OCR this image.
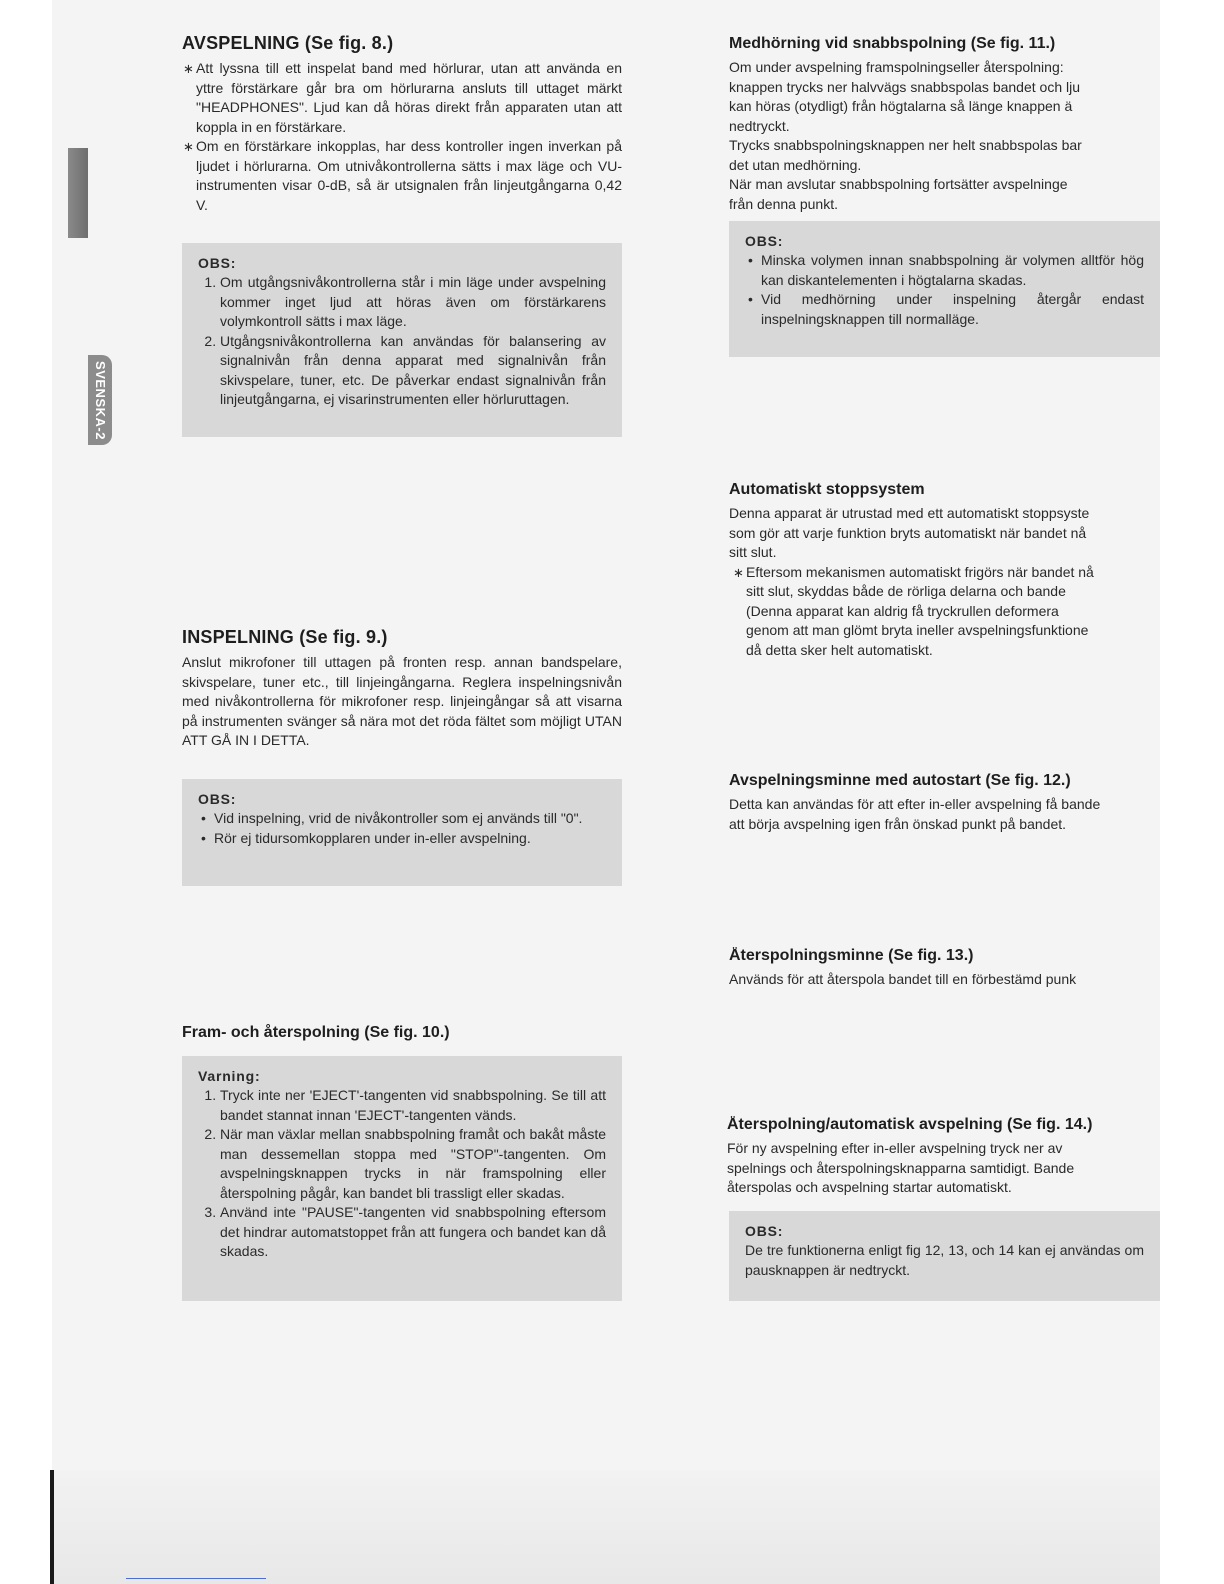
SVENSKA-2
AVSPELNING (Se fig. 8.)
∗ Att lyssna till ett inspelat band med hörlurar, utan att använda en yttre förstärkare går bra om hörlurarna ansluts till uttaget märkt "HEADPHONES". Ljud kan då höras direkt från apparaten utan att koppla in en förstärkare.
∗ Om en förstärkare inkopplas, har dess kontroller ingen inverkan på ljudet i hörlurarna. Om utnivåkontrollerna sätts i max läge och VU-instrumenten visar 0-dB, så är utsignalen från linjeutgångarna 0,42 V.
OBS:
1. Om utgångsnivåkontrollerna står i min läge under avspelning kommer inget ljud att höras även om förstärkarens volymkontroll sätts i max läge.
2. Utgångsnivåkontrollerna kan användas för balansering av signalnivån från denna apparat med signalnivån från skivspelare, tuner, etc. De påverkar endast signalnivån från linjeutgångarna, ej visarinstrumenten eller hörluruttagen.
INSPELNING (Se fig. 9.)

Anslut mikrofoner till uttagen på fronten resp. annan bandspelare, skivspelare, tuner etc., till linjeingångarna. Reglera inspelningsnivån med nivåkontrollerna för mikrofoner resp. linjeingångar så att visarna på instrumenten svänger så nära mot det röda fältet som möjligt UTAN ATT GÅ IN I DETTA.

OBS:
• Vid inspelning, vrid de nivåkontroller som ej används till "0".
• Rör ej tidursomkopplaren under in-eller avspelning.
Fram- och återspolning (Se fig. 10.)
Varning:
1. Tryck inte ner 'EJECT'-tangenten vid snabbspolning. Se till att bandet stannat innan 'EJECT'-tangenten vänds.
2. När man växlar mellan snabbspolning framåt och bakåt måste man dessemellan stoppa med "STOP"-tangenten. Om avspelningsknappen trycks in när framspolning eller återspolning pågår, kan bandet bli trassligt eller skadas.
3. Använd inte "PAUSE"-tangenten vid snabbspolning eftersom det hindrar automatstoppet från att fungera och bandet kan då skadas.
Medhörning vid snabbspolning (Se fig. 11.)

Om under avspelning framspolningseller återspolning:

knappen trycks ner halvvägs snabbspolas bandet och lju

kan höras (otydligt) från högtalarna så länge knappen ä

nedtryckt.

Trycks snabbspolningsknappen ner helt snabbspolas bar

det utan medhörning.

När man avslutar snabbspolning fortsätter avspelninge

från denna punkt.

OBS:
• Minska volymen innan snabbspolning är volymen alltför hög kan diskantelementen i högtalarna skadas.
• Vid medhörning under inspelning återgår endast inspelningsknappen till normalläge.
Automatiskt stoppsystem

Denna apparat är utrustad med ett automatiskt stoppsyste

som gör att varje funktion bryts automatiskt när bandet nå

sitt slut.

∗ Eftersom mekanismen automatiskt frigörs när bandet nå
sitt slut, skyddas både de rörliga delarna och bande
(Denna apparat kan aldrig få tryckrullen deformera
genom att man glömt bryta ineller avspelningsfunktione
då detta sker helt automatiskt.
Avspelningsminne med autostart (Se fig. 12.)

Detta kan användas för att efter in-eller avspelning få bande

att börja avspelning igen från önskad punkt på bandet.

Återspolningsminne (Se fig. 13.)

Används för att återspola bandet till en förbestämd punk

Återspolning/automatisk avspelning (Se fig. 14.)

För ny avspelning efter in-eller avspelning tryck ner av

spelnings och återspolningsknapparna samtidigt. Bande

återspolas och avspelning startar automatiskt.

OBS:

De tre funktionerna enligt fig 12, 13, och 14 kan ej användas om pausknappen är nedtryckt.
